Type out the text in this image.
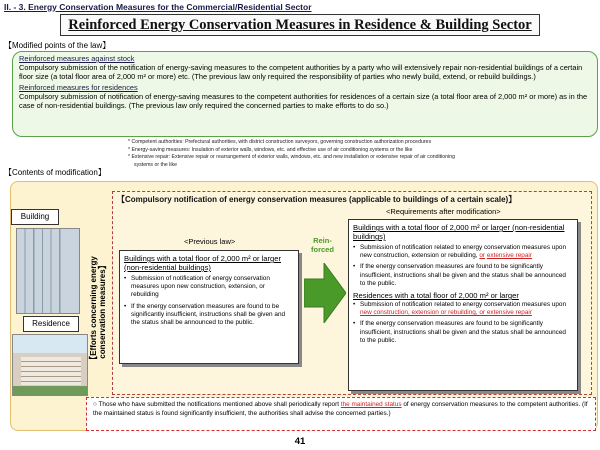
II. - 3. Energy Conservation Measures for the Commercial/Residential Sector
Reinforced Energy Conservation Measures in Residence & Building Sector
【Modified points of the law】

Reinforced measures against stock

Compulsory submission of the notification of energy-saving measures to the competent authorities by a party who will extensively repair non-residential buildings of a certain floor size (a total floor area of 2,000 m² or more) etc. (The previous law only required the responsibility of parties who newly build, extend, or rebuild buildings.)

Reinforced measures for residences

Compulsory submission of notification of energy-saving measures to the competent authorities for residences of a certain size (a total floor area of 2,000 m² or more) as in the case of non-residential buildings. (The previous law only required the concerned parties to make efforts to do so.)

* Competent authorities: Prefectural authorities, with district construction surveyors, governing construction authorization procedures
* Energy-saving measures: Insulation of exterior walls, windows, etc. and effective use of air conditioning systems or the like
* Extensive repair: Extensive repair or rearrangement of exterior walls, windows, etc. and new installation or extensive repair of air conditioning
systems or the like
【Contents of modification】
Building
Residence	【Efforts concerning energy conservation measures】
【Compulsory notification of energy conservation measures (applicable to buildings of a certain scale)】
<Requirements after modification>
<Previous law>	Rein-
forced
Buildings with a total floor of 2,000 m² or larger (non-residential buildings)
• Submission of notification of energy conservation measures upon new construction, extension, or rebuilding
• If the energy conservation measures are found to be significantly insufficient, instructions shall be given and the status shall be announced to the public.
Buildings with a total floor of 2,000 m² or larger (non-residential buildings)
• Submission of notification related to energy conservation measures upon new construction, extension or rebuilding, or extensive repair
• If the energy conservation measures are found to be significantly insufficient, instructions shall be given and the status shall be announced to the public.
Residences with a total floor of 2,000 m² or larger
• Submission of notification related to energy conservation measures upon new construction, extension or rebuilding, or extensive repair
• If the energy conservation measures are found to be significantly insufficient, instructions shall be given and the status shall be announced to the public.
○ Those who have submitted the notifications mentioned above shall periodically report the maintained status of energy conservation measures to the competent authorities. (If the maintained status is found significantly insufficient, the authorities shall advise the concerned parties.)
41
